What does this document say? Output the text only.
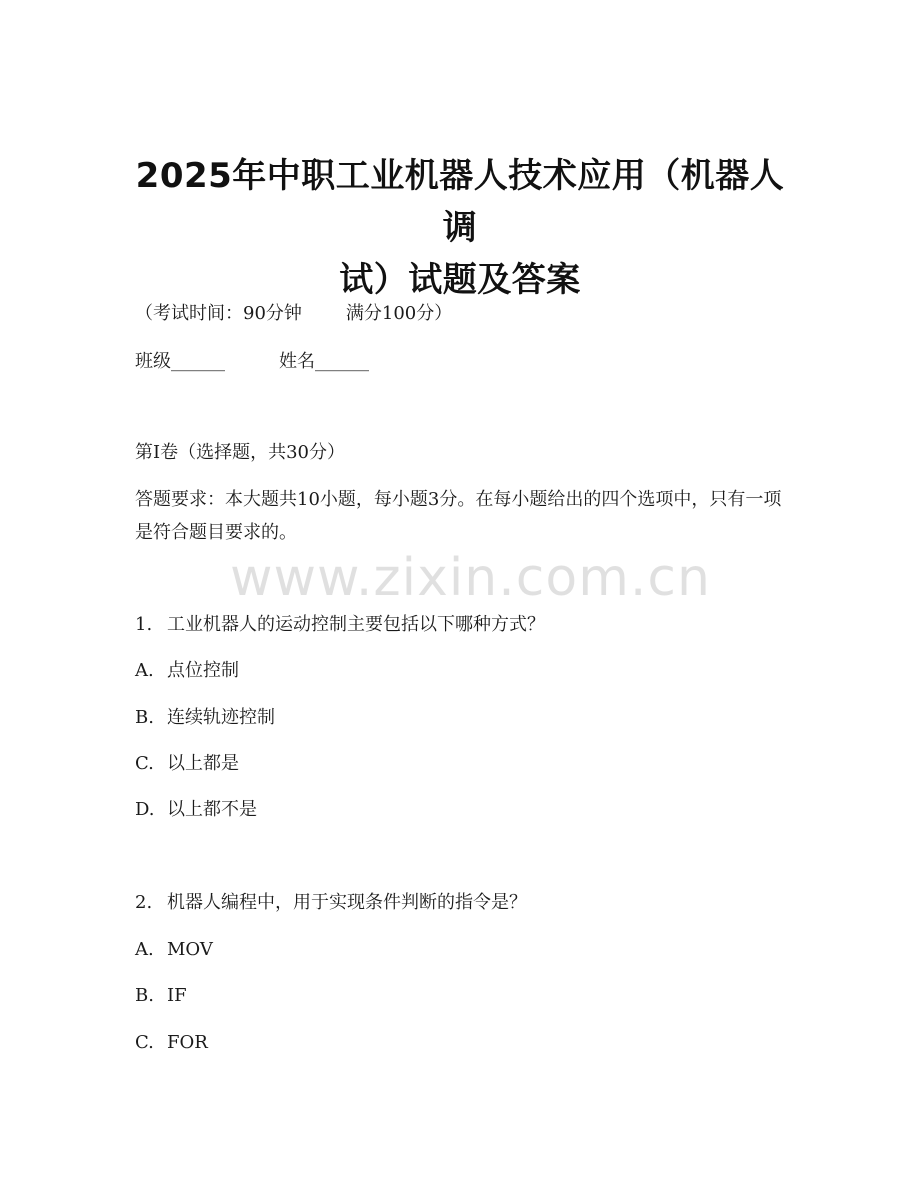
2025年中职工业机器人技术应用（机器人调
试）试题及答案
（考试时间：90分钟 满分100分）
班级______	姓名______
第I卷（选择题，共30分）
答题要求：本大题共10小题，每小题3分。在每小题给出的四个选项中，只有一项是符合题目要求的。
www.zixin.com.cn
1. 工业机器人的运动控制主要包括以下哪种方式？
A. 点位控制
B. 连续轨迹控制
C. 以上都是
D. 以上都不是
2. 机器人编程中，用于实现条件判断的指令是？
A. MOV
B. IF
C. FOR
